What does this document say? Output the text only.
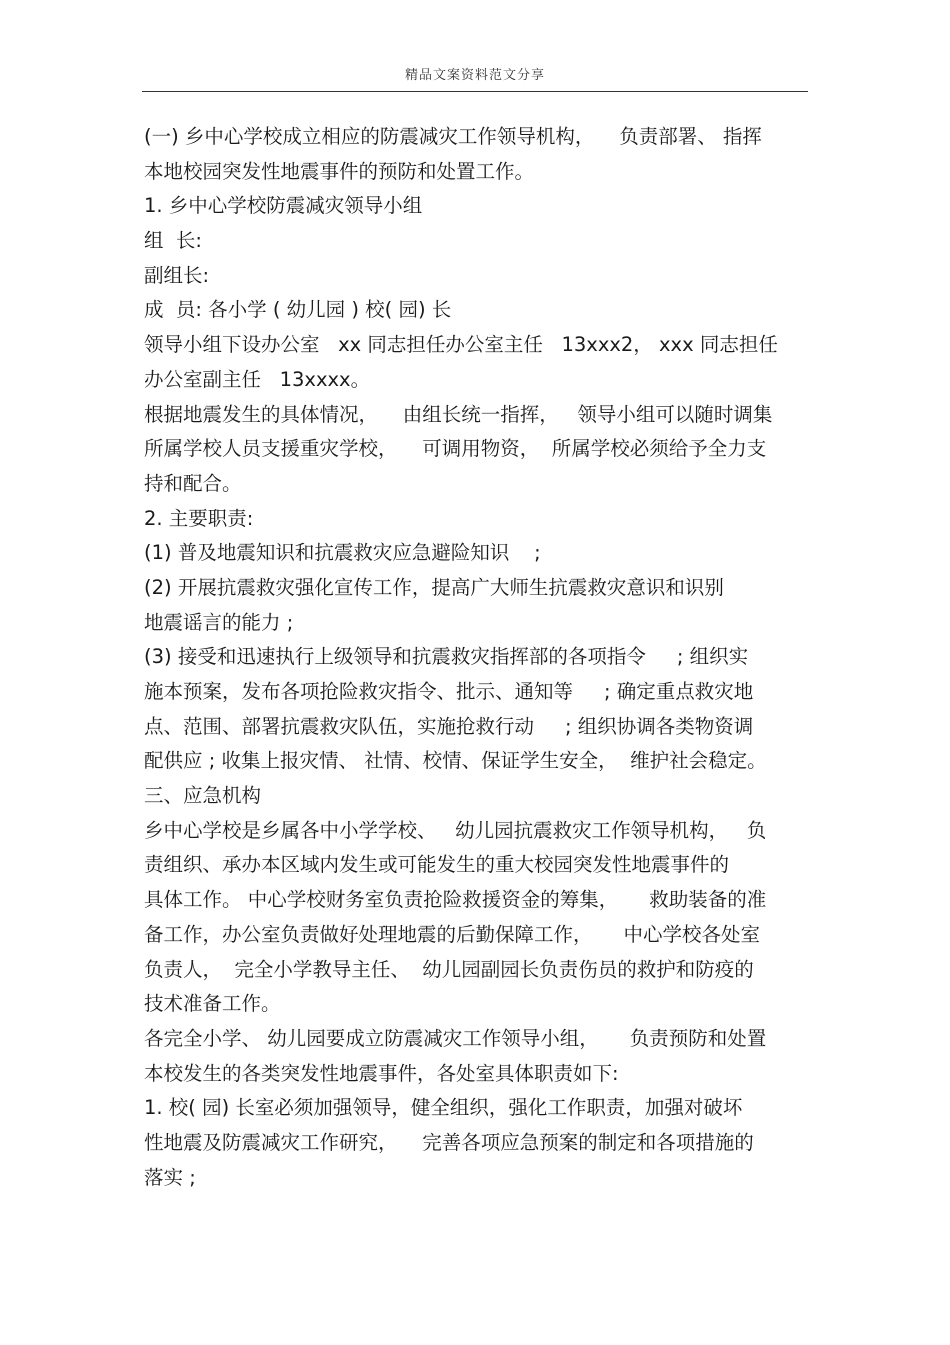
精品文案资料范文分享
(一) 乡中心学校成立相应的防震减灾工作领导机构，    负责部署、 指挥
本地校园突发性地震事件的预防和处置工作。
1. 乡中心学校防震减灾领导小组
组  长:
副组长:
成  员: 各小学 ( 幼儿园 ) 校( 园) 长
领导小组下设办公室   xx 同志担任办公室主任   13xxx2， xxx 同志担任
办公室副主任   13xxxx。
根据地震发生的具体情况，    由组长统一指挥，   领导小组可以随时调集
所属学校人员支援重灾学校，    可调用物资，  所属学校必须给予全力支
持和配合。
2. 主要职责:
(1) 普及地震知识和抗震救灾应急避险知识    ;
(2) 开展抗震救灾强化宣传工作，提高广大师生抗震救灾意识和识别
地震谣言的能力 ;
(3) 接受和迅速执行上级领导和抗震救灾指挥部的各项指令     ; 组织实
施本预案，发布各项抢险救灾指令、批示、通知等     ; 确定重点救灾地
点、范围、部署抗震救灾队伍，实施抢救行动     ; 组织协调各类物资调
配供应 ; 收集上报灾情、 社情、校情、保证学生安全，  维护社会稳定。
三、应急机构
乡中心学校是乡属各中小学学校、   幼儿园抗震救灾工作领导机构，   负
责组织、承办本区域内发生或可能发生的重大校园突发性地震事件的
具体工作。 中心学校财务室负责抢险救援资金的筹集，     救助装备的准
备工作，办公室负责做好处理地震的后勤保障工作，     中心学校各处室
负责人，  完全小学教导主任、  幼儿园副园长负责伤员的救护和防疫的
技术准备工作。
各完全小学、 幼儿园要成立防震减灾工作领导小组，     负责预防和处置
本校发生的各类突发性地震事件，各处室具体职责如下:
1. 校( 园) 长室必须加强领导，健全组织，强化工作职责，加强对破坏
性地震及防震减灾工作研究，    完善各项应急预案的制定和各项措施的
落实 ;
